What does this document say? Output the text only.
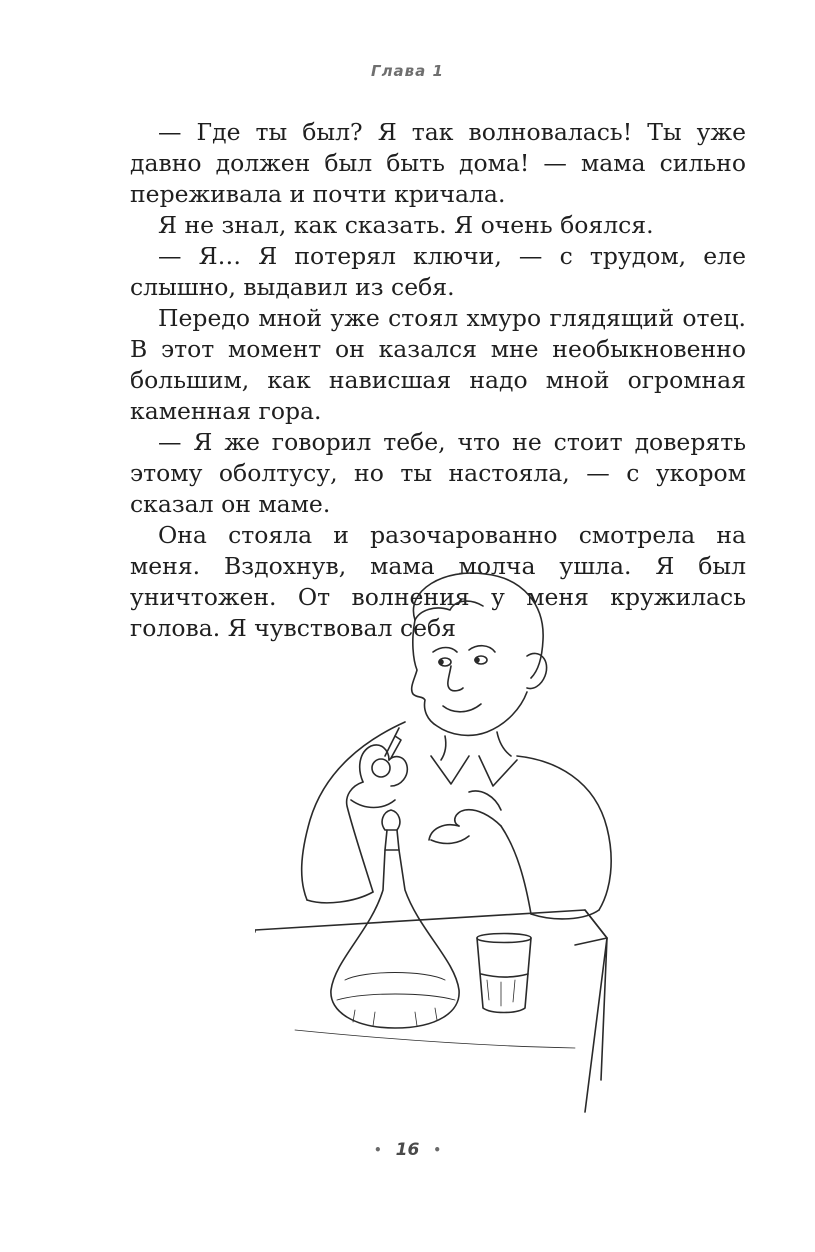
Глава 1

— Где ты был? Я так волновалась! Ты уже давно должен был быть дома! — мама сильно переживала и почти кричала.

Я не знал, как сказать. Я очень боялся.

— Я… Я потерял ключи, — с трудом, еле слышно, выдавил из себя.

Передо мной уже стоял хмуро глядящий отец. В этот момент он казался мне необыкновенно большим, как нависшая надо мной огромная каменная гора.

— Я же говорил тебе, что не стоит доверять этому оболтусу, но ты настояла, — с укором сказал он маме.

Она стояла и разочарованно смотрела на меня. Вздохнув, мама молча ушла. Я был уничтожен. От волнения у меня кружилась голова. Я чувствовал себя

• 16 •
